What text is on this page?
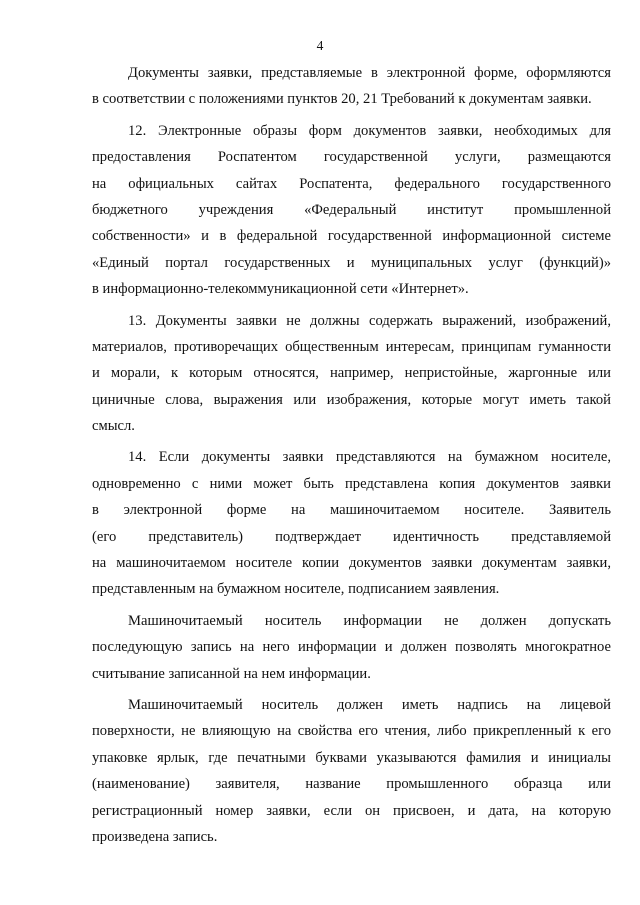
4

Документы заявки, представляемые в электронной форме, оформляются
в соответствии с положениями пунктов 20, 21 Требований к документам заявки.

12. Электронные образы форм документов заявки, необходимых для
предоставления Роспатентом государственной услуги, размещаются
на официальных сайтах Роспатента, федерального государственного
бюджетного учреждения «Федеральный институт промышленной
собственности» и в федеральной государственной информационной системе
«Единый портал государственных и муниципальных услуг (функций)»
в информационно-телекоммуникационной сети «Интернет».

13. Документы заявки не должны содержать выражений, изображений,
материалов, противоречащих общественным интересам, принципам гуманности
и морали, к которым относятся, например, непристойные, жаргонные или
циничные слова, выражения или изображения, которые могут иметь такой
смысл.

14. Если документы заявки представляются на бумажном носителе,
одновременно с ними может быть представлена копия документов заявки
в электронной форме на машиночитаемом носителе. Заявитель
(его представитель) подтверждает идентичность представляемой
на машиночитаемом носителе копии документов заявки документам заявки,
представленным на бумажном носителе, подписанием заявления.

Машиночитаемый носитель информации не должен допускать
последующую запись на него информации и должен позволять многократное
считывание записанной на нем информации.

Машиночитаемый носитель должен иметь надпись на лицевой
поверхности, не влияющую на свойства его чтения, либо прикрепленный к его
упаковке ярлык, где печатными буквами указываются фамилия и инициалы
(наименование) заявителя, название промышленного образца или
регистрационный номер заявки, если он присвоен, и дата, на которую
произведена запись.
